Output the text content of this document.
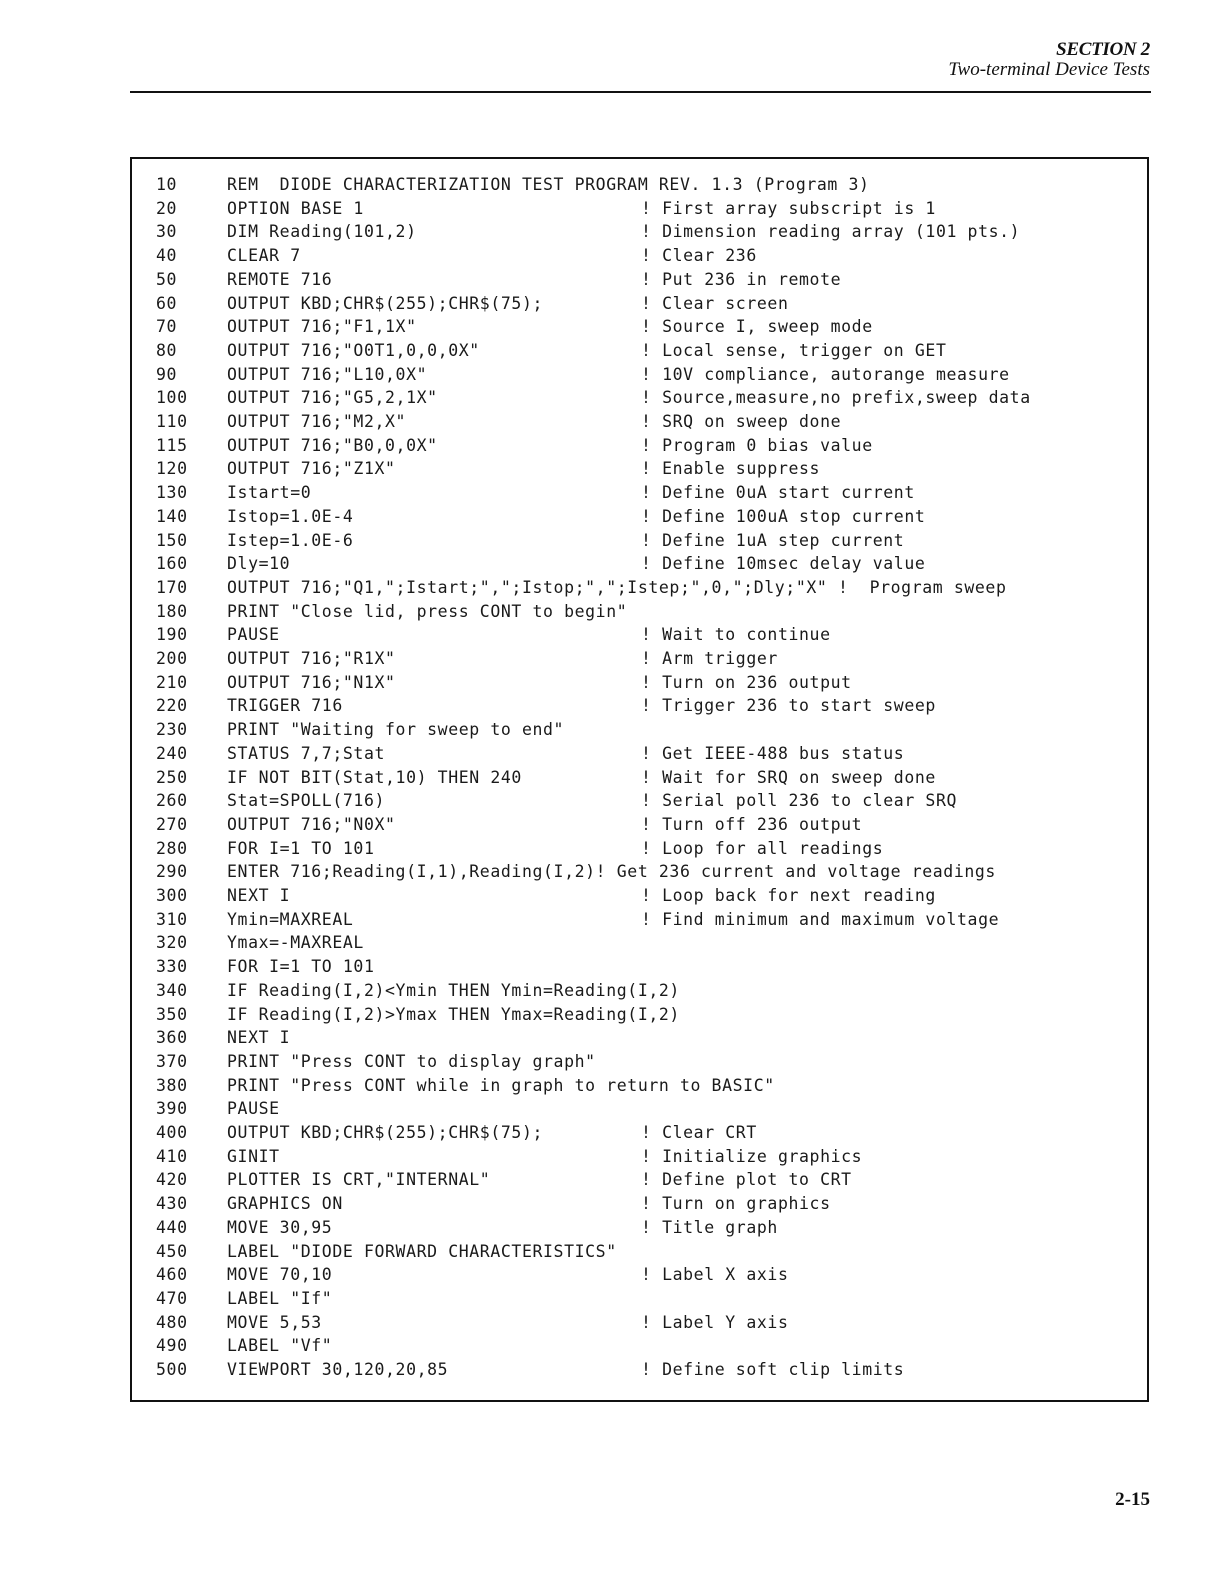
SECTION 2
Two-terminal Device Tests
10	REM  DIODE CHARACTERIZATION TEST PROGRAM REV. 1.3 (Program 3)
20	OPTION BASE 1	! First array subscript is 1
30	DIM Reading(101,2)	! Dimension reading array (101 pts.)
40	CLEAR 7	! Clear 236
50	REMOTE 716	! Put 236 in remote
60	OUTPUT KBD;CHR$(255);CHR$(75);	! Clear screen
70	OUTPUT 716;"F1,1X"	! Source I, sweep mode
80	OUTPUT 716;"O0T1,0,0,0X"	! Local sense, trigger on GET
90	OUTPUT 716;"L10,0X"	! 10V compliance, autorange measure
100 OUTPUT 716;"G5,2,1X"	! Source,measure,no prefix,sweep data
110 OUTPUT 716;"M2,X"	! SRQ on sweep done
115 OUTPUT 716;"B0,0,0X"	! Program 0 bias value
120 OUTPUT 716;"Z1X"	! Enable suppress
130 Istart=0	! Define 0uA start current
140 Istop=1.0E-4	! Define 100uA stop current
150 Istep=1.0E-6	! Define 1uA step current
160 Dly=10	! Define 10msec delay value
170 OUTPUT 716;"Q1,";Istart;",";Istop;",";Istep;",0,";Dly;"X" !  Program sweep
180 PRINT "Close lid, press CONT to begin"
190 PAUSE	! Wait to continue
200 OUTPUT 716;"R1X"	! Arm trigger
210 OUTPUT 716;"N1X"	! Turn on 236 output
220 TRIGGER 716	! Trigger 236 to start sweep
230 PRINT "Waiting for sweep to end"
240 STATUS 7,7;Stat	! Get IEEE-488 bus status
250 IF NOT BIT(Stat,10) THEN 240	! Wait for SRQ on sweep done
260 Stat=SPOLL(716)	! Serial poll 236 to clear SRQ
270 OUTPUT 716;"N0X"	! Turn off 236 output
280 FOR I=1 TO 101	! Loop for all readings
290 ENTER 716;Reading(I,1),Reading(I,2)! Get 236 current and voltage readings
300 NEXT I	! Loop back for next reading
310 Ymin=MAXREAL	! Find minimum and maximum voltage
320 Ymax=-MAXREAL
330 FOR I=1 TO 101
340 IF Reading(I,2)<Ymin THEN Ymin=Reading(I,2)
350 IF Reading(I,2)>Ymax THEN Ymax=Reading(I,2)
360 NEXT I
370 PRINT "Press CONT to display graph"
380 PRINT "Press CONT while in graph to return to BASIC"
390 PAUSE
400 OUTPUT KBD;CHR$(255);CHR$(75);	! Clear CRT
410 GINIT	! Initialize graphics
420 PLOTTER IS CRT,"INTERNAL"	! Define plot to CRT
430 GRAPHICS ON	! Turn on graphics
440 MOVE 30,95	! Title graph
450 LABEL "DIODE FORWARD CHARACTERISTICS"
460 MOVE 70,10	! Label X axis
470 LABEL "If"
480 MOVE 5,53	! Label Y axis
490 LABEL "Vf"
500 VIEWPORT 30,120,20,85	! Define soft clip limits
2-15
